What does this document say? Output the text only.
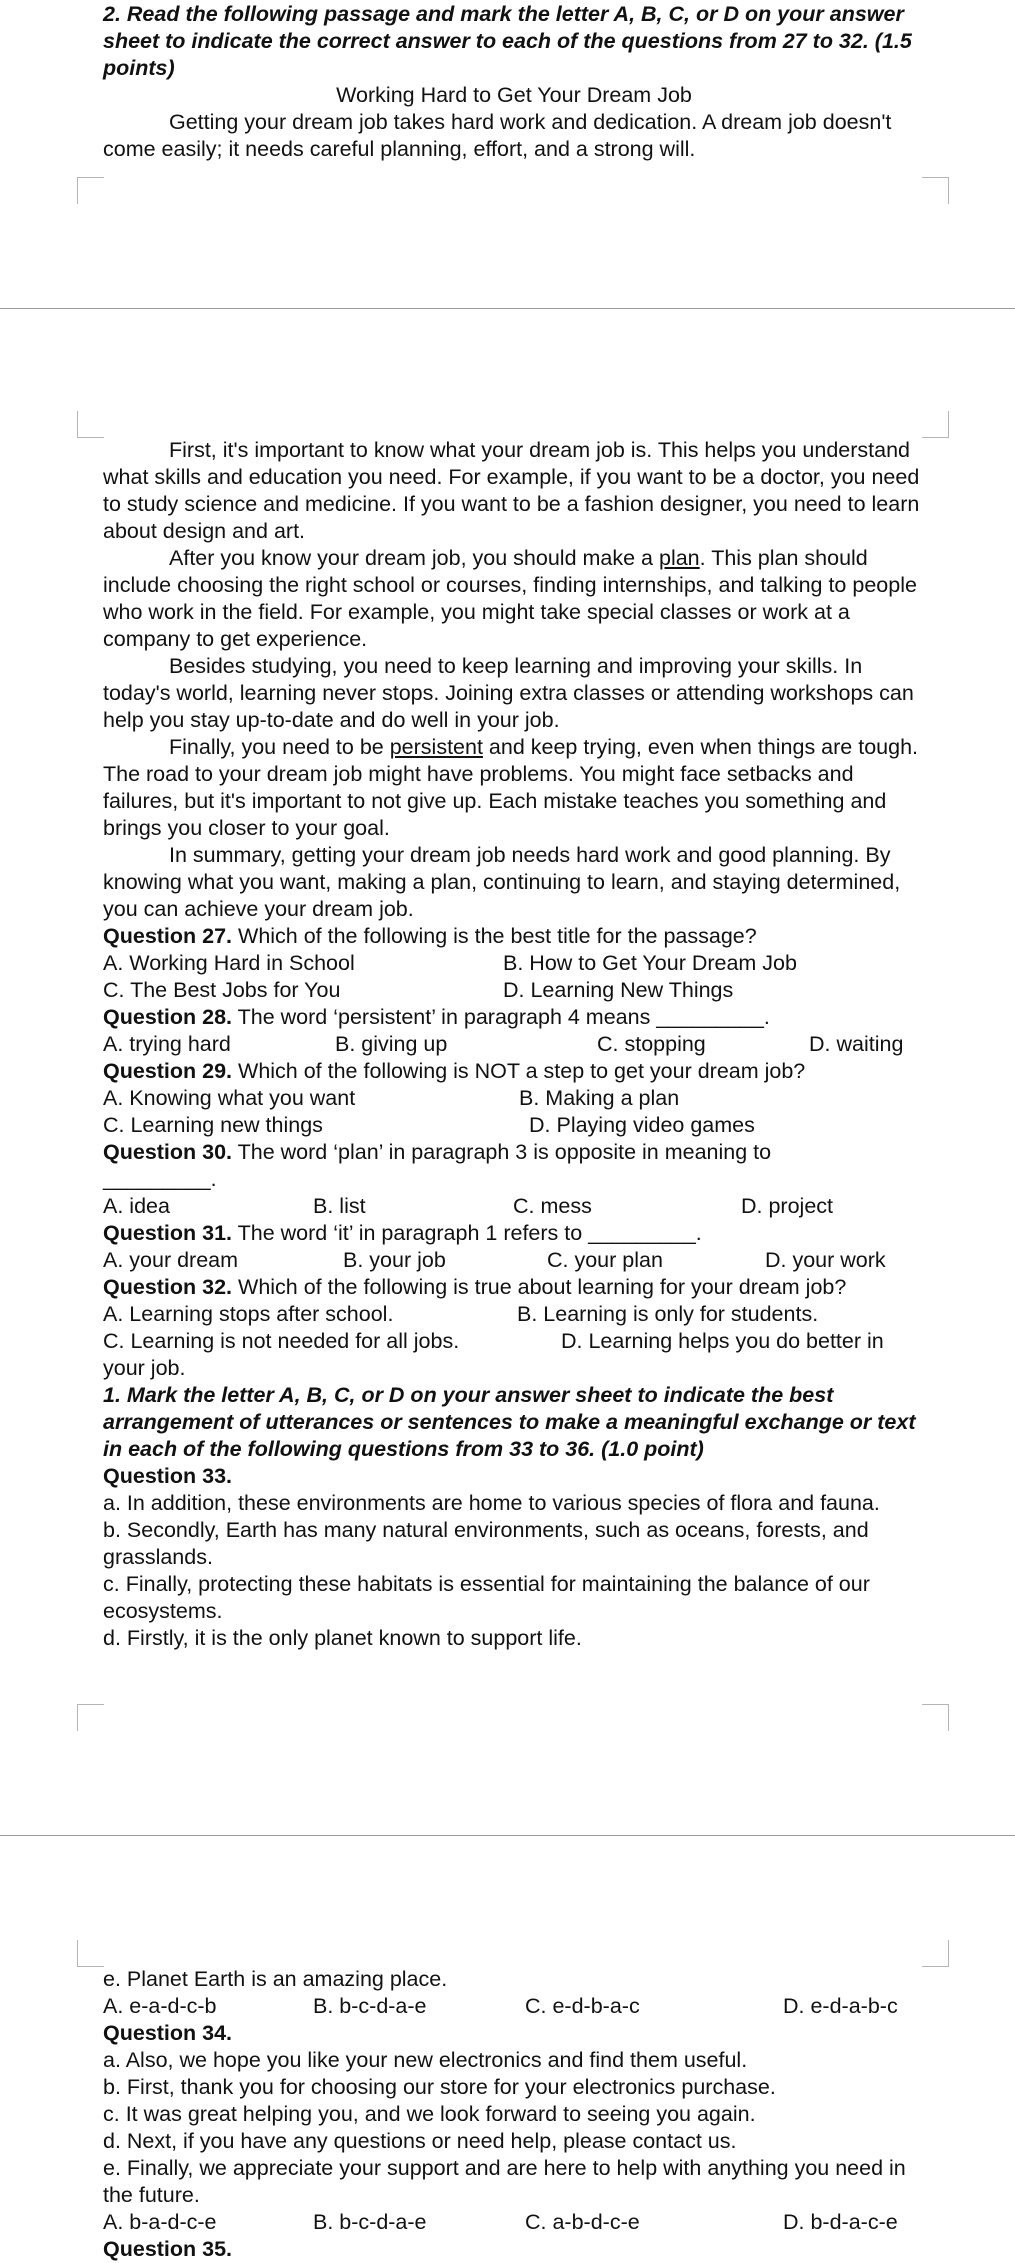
2. Read the following passage and mark the letter A, B, C, or D on your answer sheet to indicate the correct answer to each of the questions from 27 to 32. (1.5 points)
Working Hard to Get Your Dream Job
Getting your dream job takes hard work and dedication. A dream job doesn't come easily; it needs careful planning, effort, and a strong will.
First, it's important to know what your dream job is. This helps you understand what skills and education you need. For example, if you want to be a doctor, you need to study science and medicine. If you want to be a fashion designer, you need to learn about design and art.
After you know your dream job, you should make a plan. This plan should include choosing the right school or courses, finding internships, and talking to people who work in the field. For example, you might take special classes or work at a company to get experience.
Besides studying, you need to keep learning and improving your skills. In today's world, learning never stops. Joining extra classes or attending workshops can help you stay up-to-date and do well in your job.
Finally, you need to be persistent and keep trying, even when things are tough. The road to your dream job might have problems. You might face setbacks and failures, but it's important to not give up. Each mistake teaches you something and brings you closer to your goal.
In summary, getting your dream job needs hard work and good planning. By knowing what you want, making a plan, continuing to learn, and staying determined, you can achieve your dream job.
Question 27. Which of the following is the best title for the passage?
A. Working Hard in School	B. How to Get Your Dream Job
C. The Best Jobs for You	D. Learning New Things
Question 28. The word ‘persistent’ in paragraph 4 means _________.
A. trying hard	B. giving up	C. stopping	D. waiting
Question 29. Which of the following is NOT a step to get your dream job?
A. Knowing what you want	B. Making a plan
C. Learning new things	D. Playing video games
Question 30. The word ‘plan’ in paragraph 3 is opposite in meaning to _________.
A. idea	B. list	C. mess	D. project
Question 31. The word ‘it’ in paragraph 1 refers to _________.
A. your dream	B. your job	C. your plan	D. your work
Question 32. Which of the following is true about learning for your dream job?
A. Learning stops after school.	B. Learning is only for students.
C. Learning is not needed for all jobs.	D. Learning helps you do better in your job.
1. Mark the letter A, B, C, or D on your answer sheet to indicate the best arrangement of utterances or sentences to make a meaningful exchange or text in each of the following questions from 33 to 36. (1.0 point)
Question 33.
a. In addition, these environments are home to various species of flora and fauna.
b. Secondly, Earth has many natural environments, such as oceans, forests, and grasslands.
c. Finally, protecting these habitats is essential for maintaining the balance of our ecosystems.
d. Firstly, it is the only planet known to support life.
e. Planet Earth is an amazing place.
A. e-a-d-c-b	B. b-c-d-a-e	C. e-d-b-a-c	D. e-d-a-b-c
Question 34.
a. Also, we hope you like your new electronics and find them useful.
b. First, thank you for choosing our store for your electronics purchase.
c. It was great helping you, and we look forward to seeing you again.
d. Next, if you have any questions or need help, please contact us.
e. Finally, we appreciate your support and are here to help with anything you need in the future.
A. b-a-d-c-e	B. b-c-d-a-e	C. a-b-d-c-e	D. b-d-a-c-e
Question 35.
